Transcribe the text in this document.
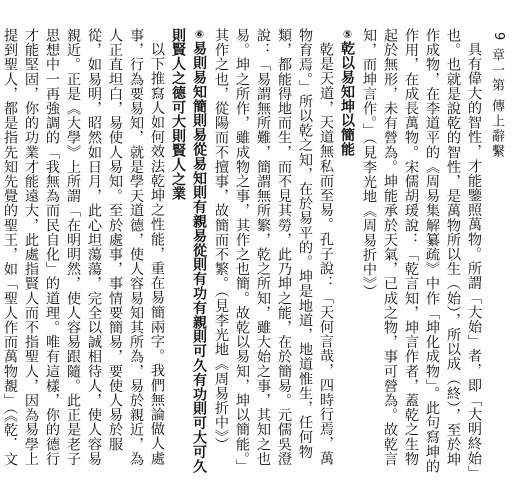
9
章一第
傳上辭繫

具有偉大的智性，才能鑒照萬物。所謂「大始」者，即「大明終始」也。也就是說乾的智性，是萬物所以生（始），所以成（終），至於坤作成物，在李道平的《周易集解纂疏》中作「坤化成物」。此句寫坤的作用，在成長萬物。宋儒胡瑗說：「乾言知，坤言作者，蓋乾之生物起於無形，未有營為。坤能承於天氣，已成之物，事可營為。故乾言知，而坤言作。」（見李光地《周易折中》）

⑤乾以易知坤以簡能

乾是天道，天道無私而至易。孔子說：「天何言哉，四時行焉，萬物育焉。」所以乾之知，在於易平的。坤是地道，地道惟生，任何物類，都能得地而生，而不見其勞，此乃坤之能，在於簡易。元儒吳澄說：「易謂無所難，簡謂無所繁，乾之所知，雖大始之事，其知之也易。坤之所作，雖成物之事，其作之也簡。故乾以易知，坤以簡能。」其作之也，從陽而不擅事，故簡而不繁。（見李光地《周易折中》）

⑥易則易知簡則易從易知則有親易從則有功有親則可久有功則可大可久則賢人之德可大則賢人之業

以下推寫人如何效法乾坤之性能，重在易簡兩字。我們無論做人處事，行為要易知，就是學天道德，使人容易知其所為，易於親近，為人正直坦白，易使人易知。至於處事，事情要簡易，要使人易於服從，如易明，昭然如日月，此心坦蕩蕩，完全以誠相待人，使人容易親近。正是《大學》上所謂「在明明然，使人容易跟隨。此正是老子思想中一再強調的「我無為而民自化」的道理。唯有這樣，你的德行才能堅固，你的功業才能遠大，此處指賢人而不指聖人，因為易學上提到聖人，都是指先知先覺的聖王，如「聖人作而萬物覩」（《乾．文
